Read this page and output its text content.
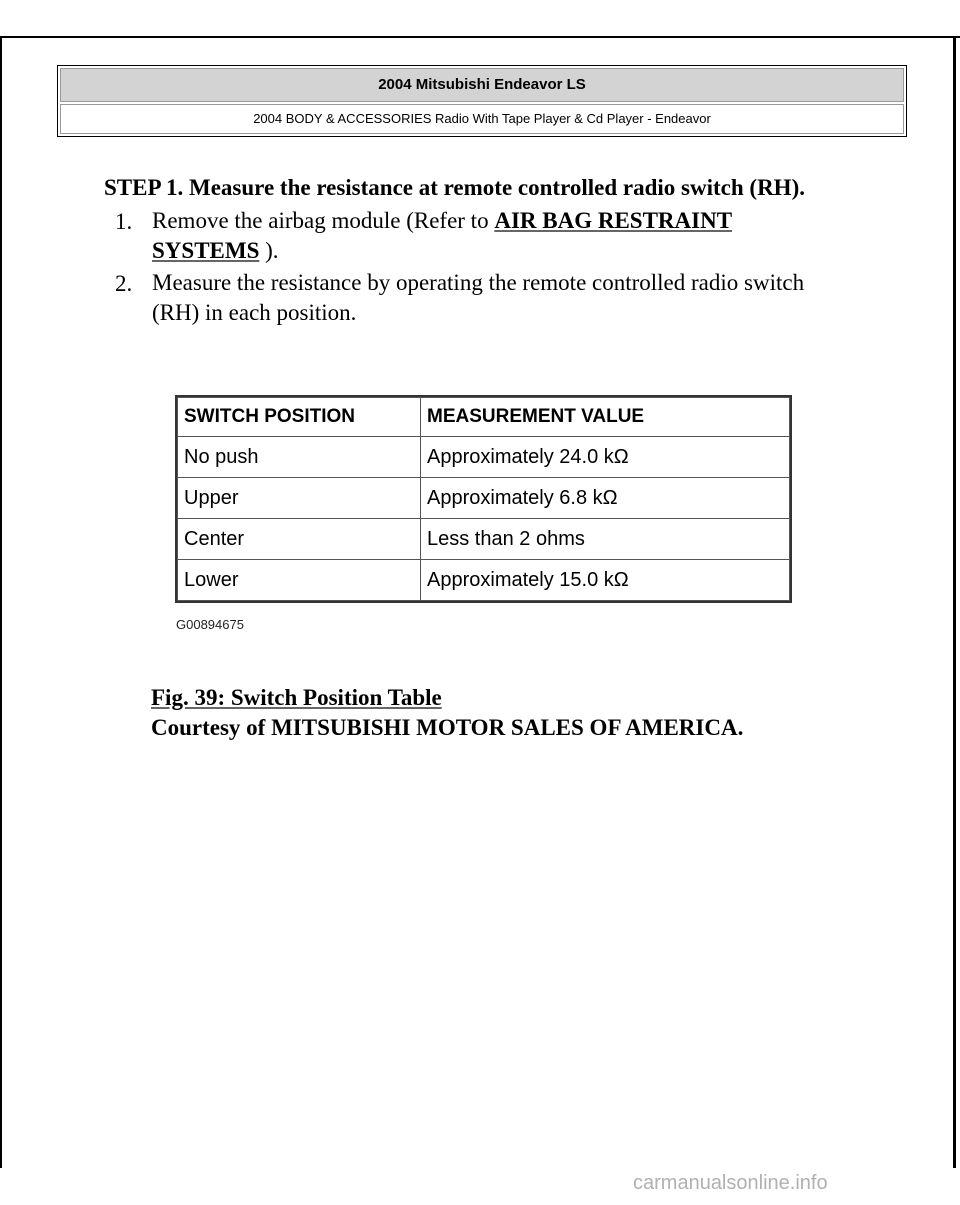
2004 Mitsubishi Endeavor LS
2004 BODY & ACCESSORIES Radio With Tape Player & Cd Player - Endeavor
STEP 1. Measure the resistance at remote controlled radio switch (RH).
1. Remove the airbag module (Refer to AIR BAG RESTRAINT
SYSTEMS ).
2. Measure the resistance by operating the remote controlled radio switch
(RH) in each position.
SWITCH POSITION	MEASUREMENT VALUE
No push	Approximately 24.0 kΩ
Upper	Approximately 6.8 kΩ
Center	Less than 2 ohms
Lower	Approximately 15.0 kΩ
G00894675
Fig. 39: Switch Position Table
Courtesy of MITSUBISHI MOTOR SALES OF AMERICA.
carmanualsonline.info
